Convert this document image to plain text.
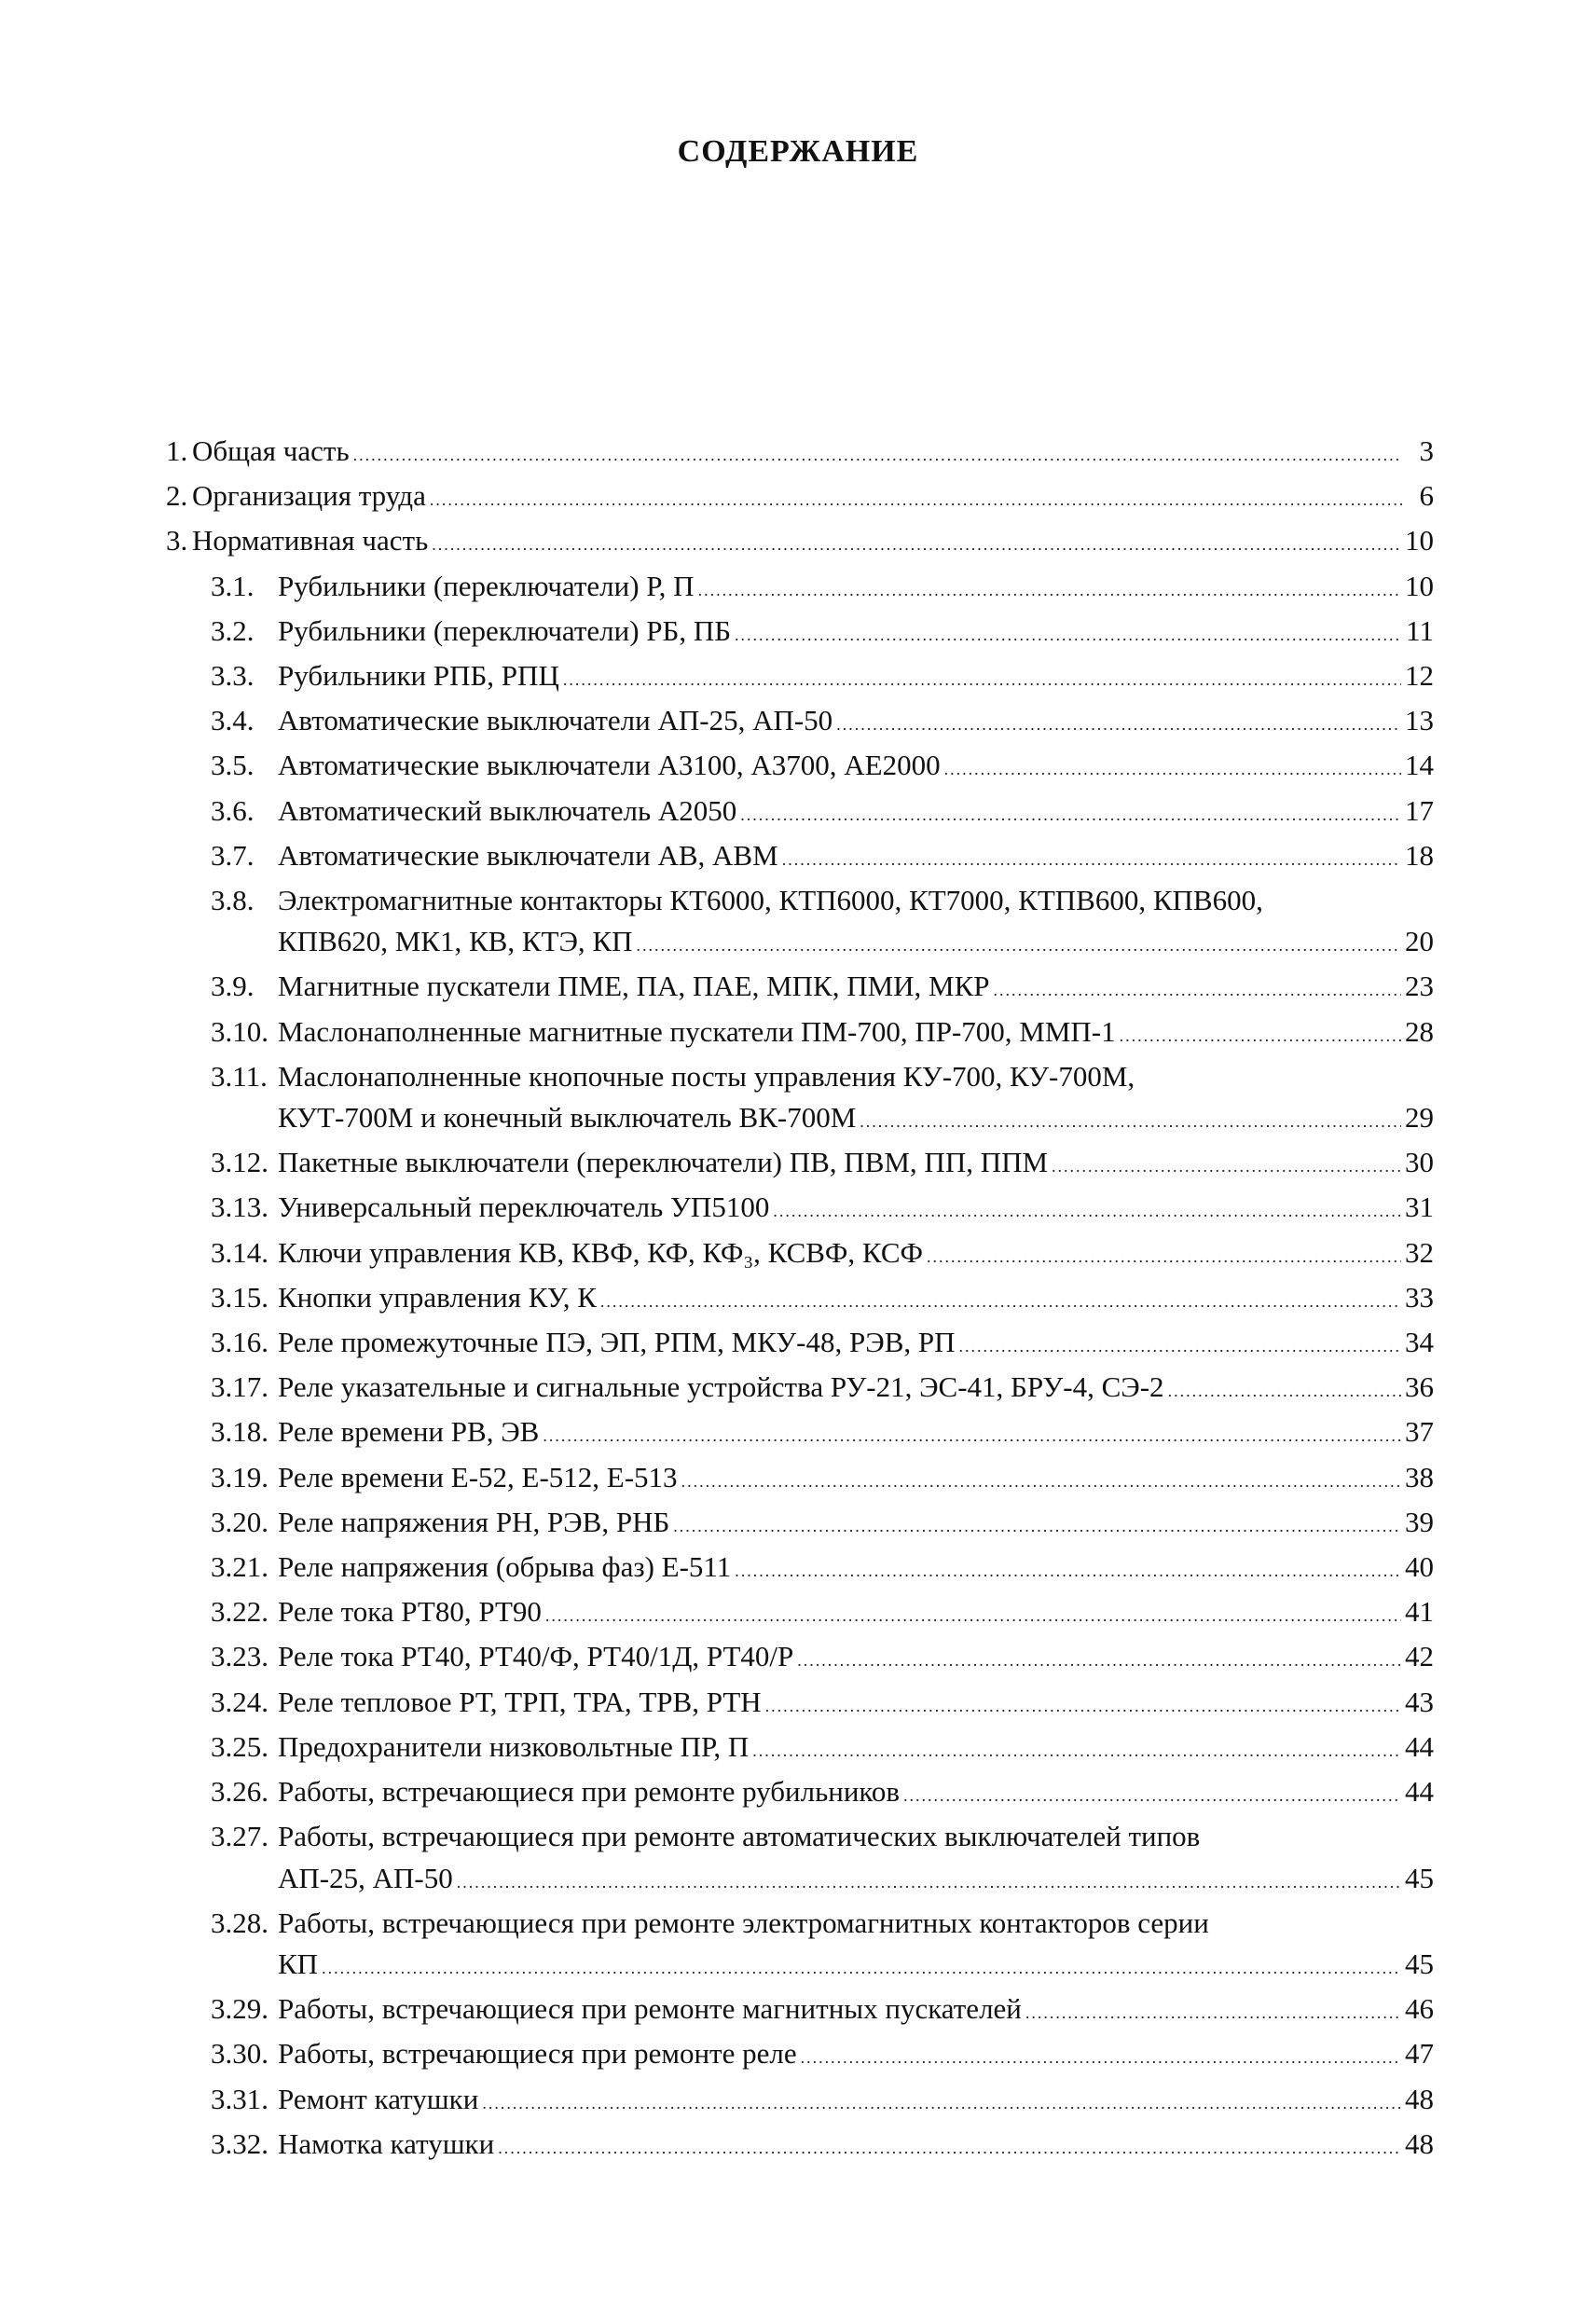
СОДЕРЖАНИЕ
1. Общая часть .....	3
2. Организация труда .....	6
3. Нормативная часть .....	10
3.1. Рубильники (переключатели) Р, П .....	10
3.2. Рубильники (переключатели) РБ, ПБ .....	11
3.3. Рубильники РПБ, РПЦ .....	12
3.4. Автоматические выключатели АП-25, АП-50 .....	13
3.5. Автоматические выключатели А3100, А3700, АЕ2000 .....	14
3.6. Автоматический выключатель А2050 .....	17
3.7. Автоматические выключатели АВ, АВМ .....	18
3.8. Электромагнитные контакторы КТ6000, КТП6000, КТ7000, КТПВ600, КПВ600,
КПВ620, МК1, КВ, КТЭ, КП .....	20
3.9. Магнитные пускатели ПМЕ, ПА, ПАЕ, МПК, ПМИ, МКР .....	23
3.10. Маслонаполненные магнитные пускатели ПМ-700, ПР-700, ММП-1 .....	28
3.11. Маслонаполненные кнопочные посты управления КУ-700, КУ-700М,
КУТ-700М и конечный выключатель ВК-700М .....	29
3.12. Пакетные выключатели (переключатели) ПВ, ПВМ, ПП, ППМ .....	30
3.13. Универсальный переключатель УП5100 .....	31
3.14. Ключи управления КВ, КВФ, КФ, КФ₃, КСВФ, КСФ .....	32
3.15. Кнопки управления КУ, К .....	33
3.16. Реле промежуточные ПЭ, ЭП, РПМ, МКУ-48, РЭВ, РП .....	34
3.17. Реле указательные и сигнальные устройства РУ-21, ЭС-41, БРУ-4, СЭ-2 .....	36
3.18. Реле времени РВ, ЭВ .....	37
3.19. Реле времени Е-52, Е-512, Е-513 .....	38
3.20. Реле напряжения РН, РЭВ, РНБ .....	39
3.21. Реле напряжения (обрыва фаз) Е-511 .....	40
3.22. Реле тока РТ80, РТ90 .....	41
3.23. Реле тока РТ40, РТ40/Ф, РТ40/1Д, РТ40/Р .....	42
3.24. Реле тепловое РТ, ТРП, ТРА, ТРВ, РТН .....	43
3.25. Предохранители низковольтные ПР, П .....	44
3.26. Работы, встречающиеся при ремонте рубильников .....	44
3.27. Работы, встречающиеся при ремонте автоматических выключателей типов
АП-25, АП-50 .....	45
3.28. Работы, встречающиеся при ремонте электромагнитных контакторов серии
КП .....	45
3.29. Работы, встречающиеся при ремонте магнитных пускателей .....	46
3.30. Работы, встречающиеся при ремонте реле .....	47
3.31. Ремонт катушки .....	48
3.32. Намотка катушки .....	48
